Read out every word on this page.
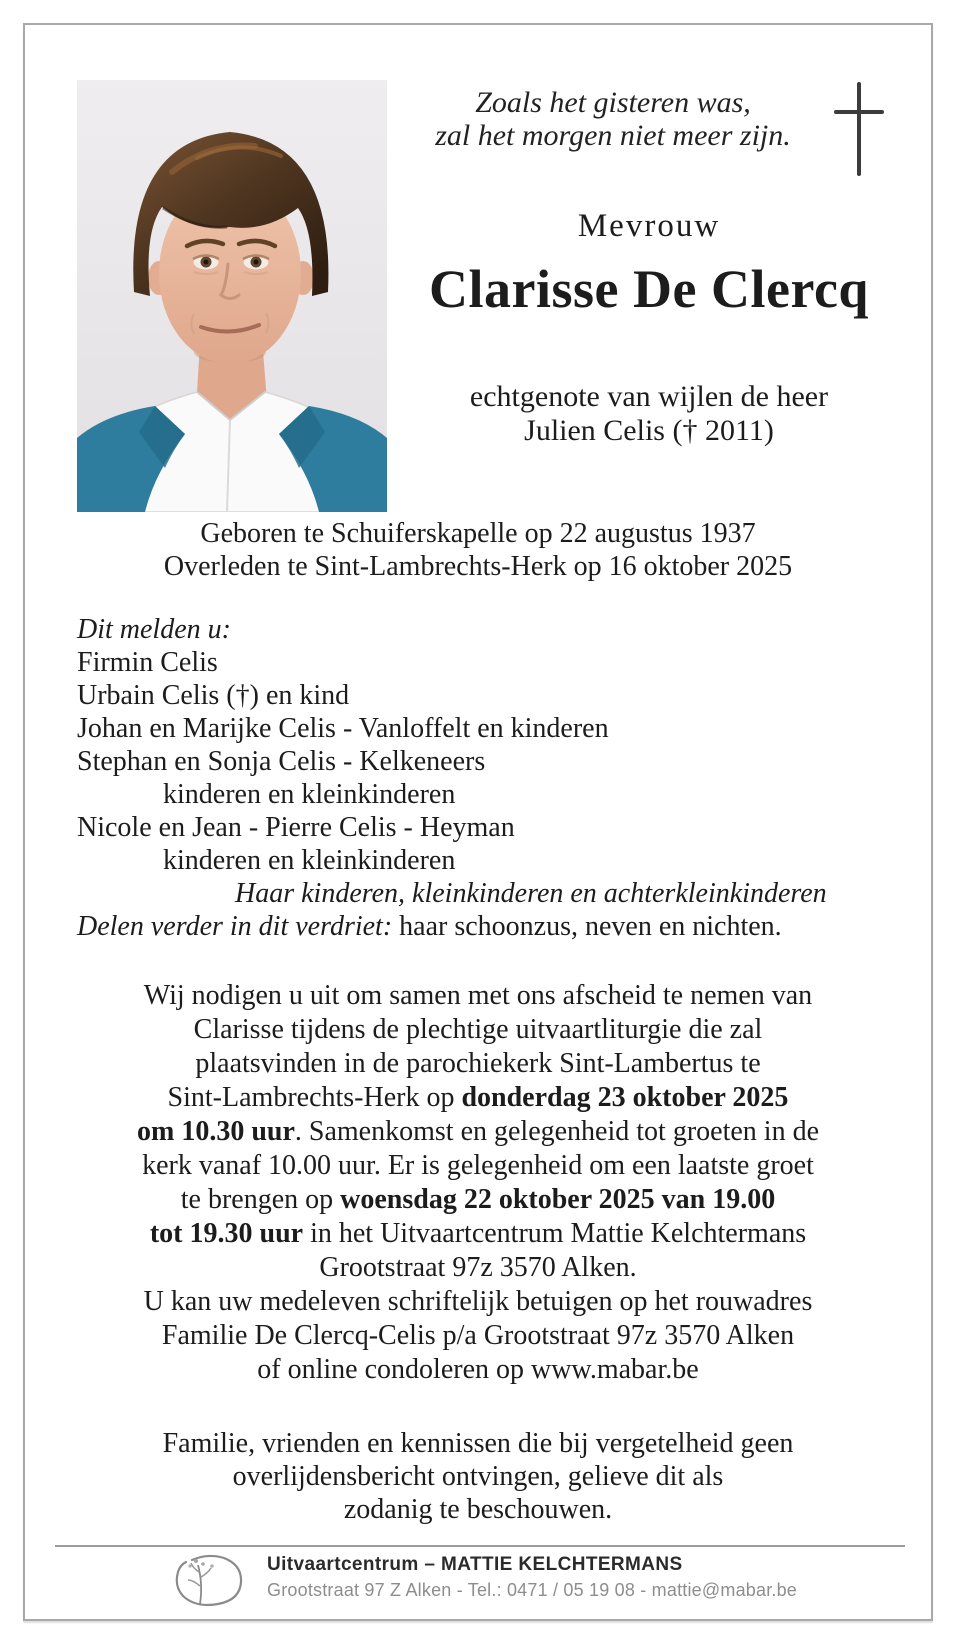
Zoals het gisteren was,
zal het morgen niet meer zijn.
Mevrouw
Clarisse De Clercq
echtgenote van wijlen de heer
Julien Celis († 2011)
Geboren te Schuiferskapelle op 22 augustus 1937
Overleden te Sint-Lambrechts-Herk op 16 oktober 2025
Dit melden u:
Firmin Celis
Urbain Celis (†) en kind
Johan en Marijke Celis - Vanloffelt en kinderen
Stephan en Sonja Celis - Kelkeneers
kinderen en kleinkinderen
Nicole en Jean - Pierre Celis - Heyman
kinderen en kleinkinderen
Haar kinderen, kleinkinderen en achterkleinkinderen
Delen verder in dit verdriet: haar schoonzus, neven en nichten.
Wij nodigen u uit om samen met ons afscheid te nemen van
Clarisse tijdens de plechtige uitvaartliturgie die zal
plaatsvinden in de parochiekerk Sint-Lambertus te
Sint-Lambrechts-Herk op donderdag 23 oktober 2025
om 10.30 uur. Samenkomst en gelegenheid tot groeten in de
kerk vanaf 10.00 uur. Er is gelegenheid om een laatste groet
te brengen op woensdag 22 oktober 2025 van 19.00
tot 19.30 uur in het Uitvaartcentrum Mattie Kelchtermans
Grootstraat 97z 3570 Alken.
U kan uw medeleven schriftelijk betuigen op het rouwadres
Familie De Clercq-Celis p/a Grootstraat 97z 3570 Alken
of online condoleren op www.mabar.be
Familie, vrienden en kennissen die bij vergetelheid geen
overlijdensbericht ontvingen, gelieve dit als
zodanig te beschouwen.
Uitvaartcentrum – MATTIE KELCHTERMANS
Grootstraat 97 Z Alken - Tel.: 0471 / 05 19 08 - mattie@mabar.be
